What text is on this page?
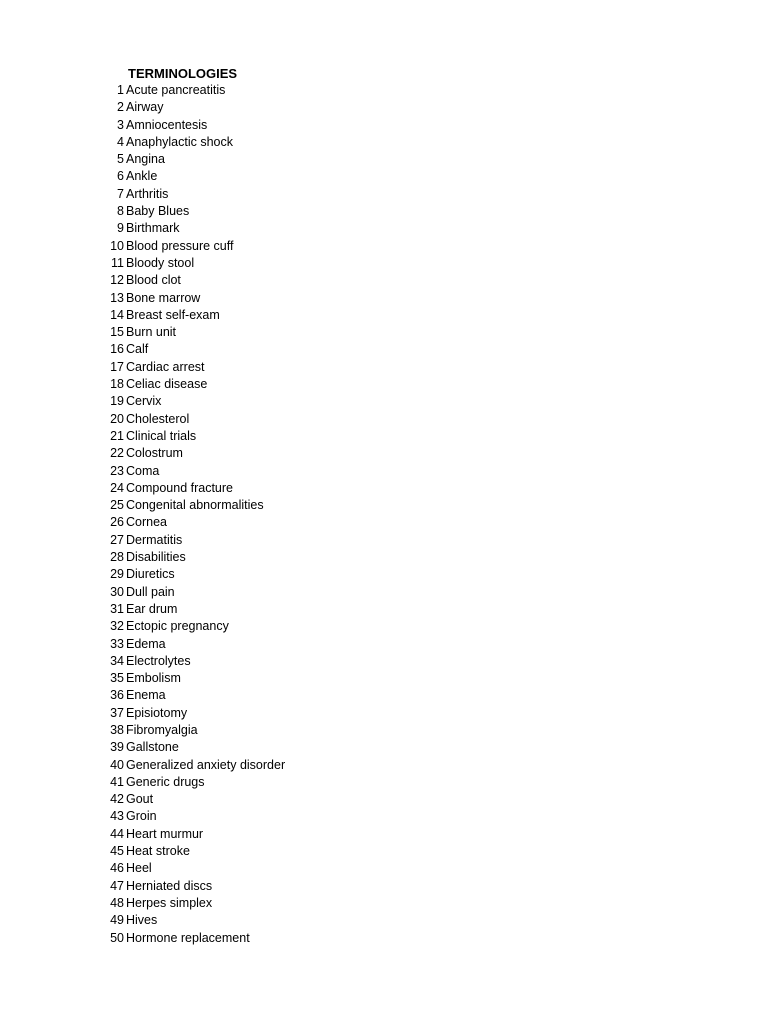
TERMINOLOGIES
1 Acute pancreatitis
2 Airway
3 Amniocentesis
4 Anaphylactic shock
5 Angina
6 Ankle
7 Arthritis
8 Baby Blues
9 Birthmark
10 Blood pressure cuff
11 Bloody stool
12 Blood clot
13 Bone marrow
14 Breast self-exam
15 Burn unit
16 Calf
17 Cardiac arrest
18 Celiac disease
19 Cervix
20 Cholesterol
21 Clinical trials
22 Colostrum
23 Coma
24 Compound fracture
25 Congenital abnormalities
26 Cornea
27 Dermatitis
28 Disabilities
29 Diuretics
30 Dull pain
31 Ear drum
32 Ectopic pregnancy
33 Edema
34 Electrolytes
35 Embolism
36 Enema
37 Episiotomy
38 Fibromyalgia
39 Gallstone
40 Generalized anxiety disorder
41 Generic drugs
42 Gout
43 Groin
44 Heart murmur
45 Heat stroke
46 Heel
47 Herniated discs
48 Herpes simplex
49 Hives
50 Hormone replacement
